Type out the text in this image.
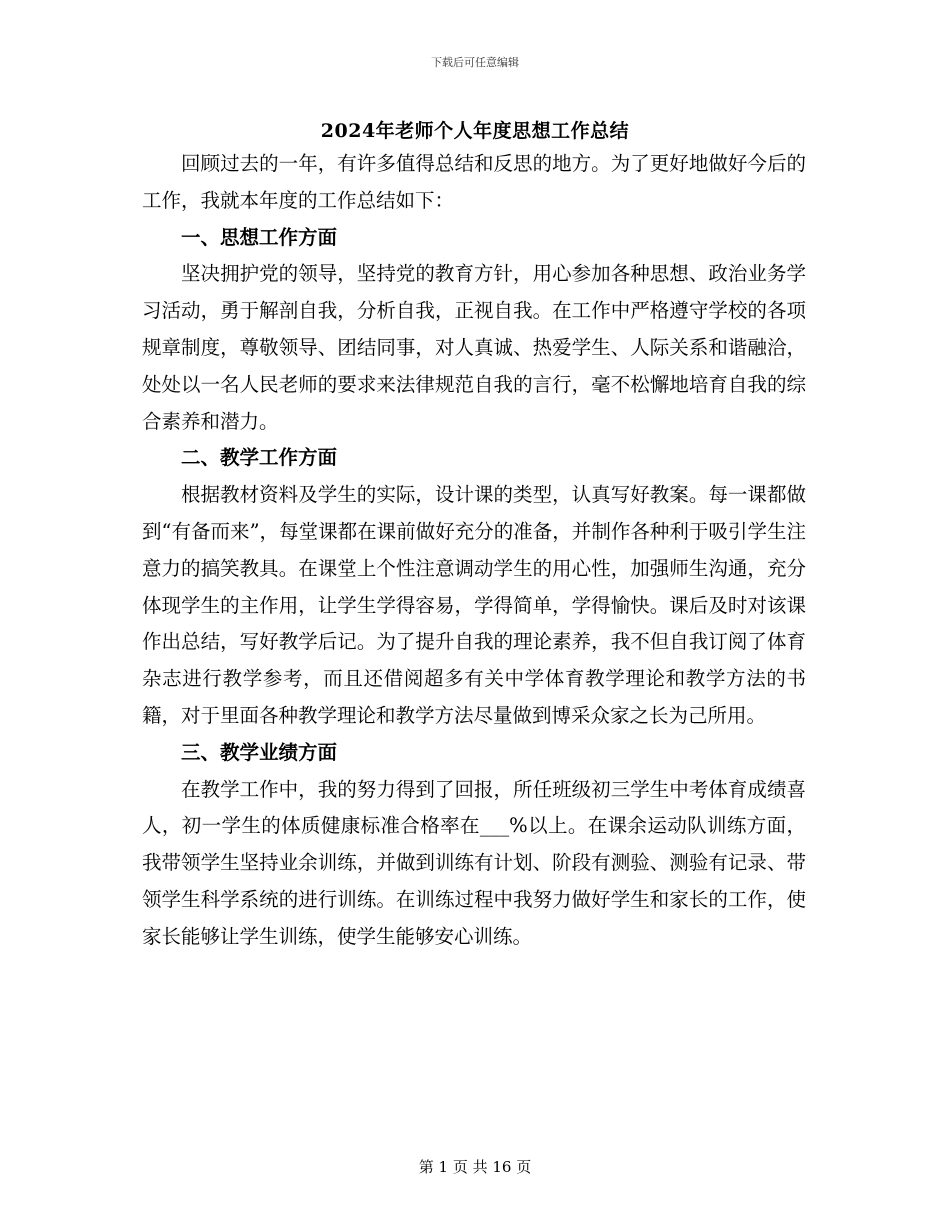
下载后可任意编辑
2024年老师个人年度思想工作总结

回顾过去的一年，有许多值得总结和反思的地方。为了更好地做好今后的工作，我就本年度的工作总结如下：

一、思想工作方面

坚决拥护党的领导，坚持党的教育方针，用心参加各种思想、政治业务学习活动，勇于解剖自我，分析自我，正视自我。在工作中严格遵守学校的各项规章制度，尊敬领导、团结同事，对人真诚、热爱学生、人际关系和谐融洽，处处以一名人民老师的要求来法律规范自我的言行，毫不松懈地培育自我的综合素养和潜力。

二、教学工作方面

根据教材资料及学生的实际，设计课的类型，认真写好教案。每一课都做到“有备而来”，每堂课都在课前做好充分的准备，并制作各种利于吸引学生注意力的搞笑教具。在课堂上个性注意调动学生的用心性，加强师生沟通，充分体现学生的主作用，让学生学得容易，学得简单，学得愉快。课后及时对该课作出总结，写好教学后记。为了提升自我的理论素养，我不但自我订阅了体育杂志进行教学参考，而且还借阅超多有关中学体育教学理论和教学方法的书籍，对于里面各种教学理论和教学方法尽量做到博采众家之长为己所用。

三、教学业绩方面

在教学工作中，我的努力得到了回报，所任班级初三学生中考体育成绩喜人，初一学生的体质健康标准合格率在___%以上。在课余运动队训练方面，我带领学生坚持业余训练，并做到训练有计划、阶段有测验、测验有记录、带领学生科学系统的进行训练。在训练过程中我努力做好学生和家长的工作，使家长能够让学生训练，使学生能够安心训练。

第 1 页 共 16 页
